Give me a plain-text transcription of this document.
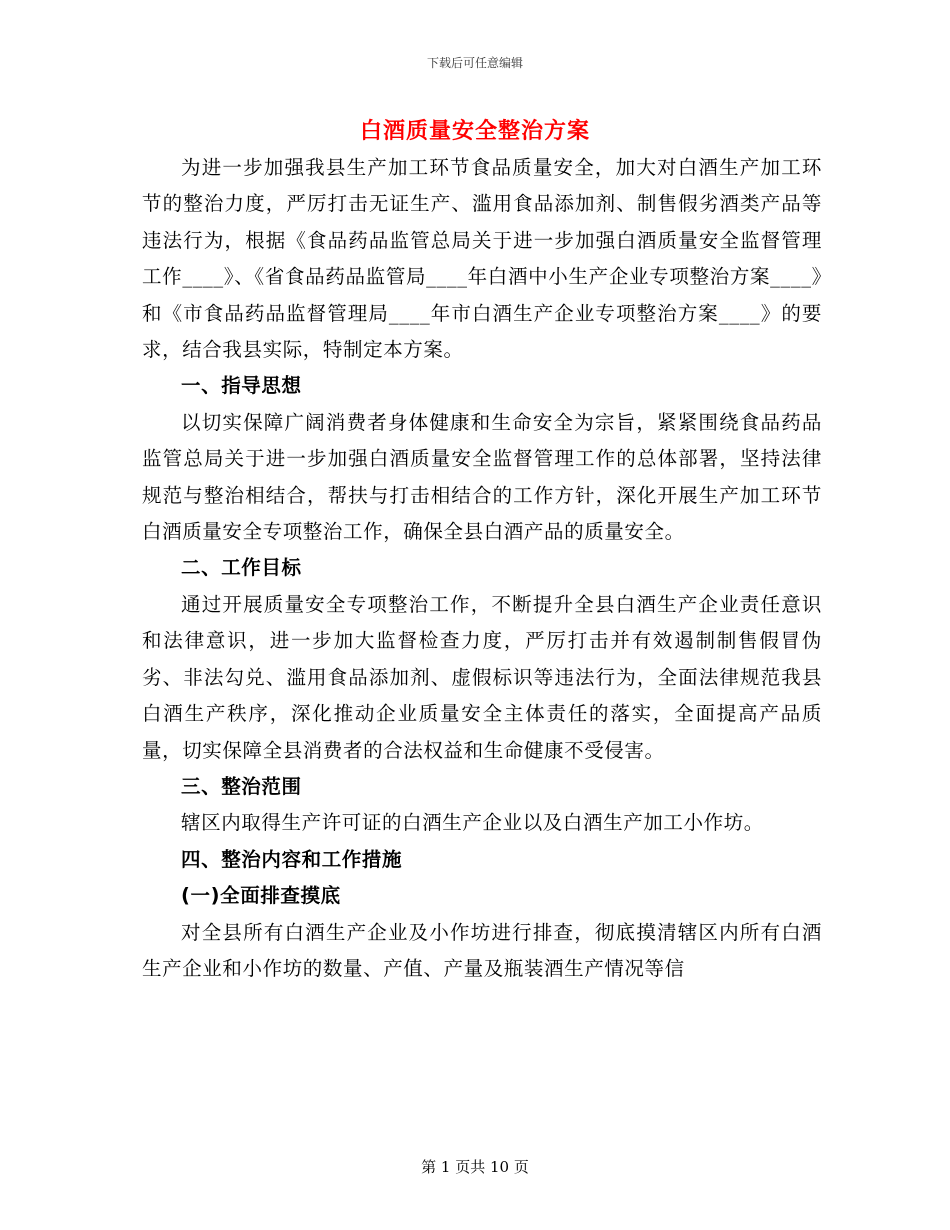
下载后可任意编辑
白酒质量安全整治方案

为进一步加强我县生产加工环节食品质量安全，加大对白酒生产加工环节的整治力度，严厉打击无证生产、滥用食品添加剂、制售假劣酒类产品等违法行为，根据《食品药品监管总局关于进一步加强白酒质量安全监督管理工作____》、《省食品药品监管局____年白酒中小生产企业专项整治方案____》和《市食品药品监督管理局____年市白酒生产企业专项整治方案____》的要求，结合我县实际，特制定本方案。

一、指导思想

以切实保障广阔消费者身体健康和生命安全为宗旨，紧紧围绕食品药品监管总局关于进一步加强白酒质量安全监督管理工作的总体部署，坚持法律规范与整治相结合，帮扶与打击相结合的工作方针，深化开展生产加工环节白酒质量安全专项整治工作，确保全县白酒产品的质量安全。

二、工作目标

通过开展质量安全专项整治工作，不断提升全县白酒生产企业责任意识和法律意识，进一步加大监督检查力度，严厉打击并有效遏制制售假冒伪劣、非法勾兑、滥用食品添加剂、虚假标识等违法行为，全面法律规范我县白酒生产秩序，深化推动企业质量安全主体责任的落实，全面提高产品质量，切实保障全县消费者的合法权益和生命健康不受侵害。

三、整治范围

辖区内取得生产许可证的白酒生产企业以及白酒生产加工小作坊。

四、整治内容和工作措施

(一)全面排查摸底

对全县所有白酒生产企业及小作坊进行排查，彻底摸清辖区内所有白酒生产企业和小作坊的数量、产值、产量及瓶装酒生产情况等信

第 1 页共 10 页
